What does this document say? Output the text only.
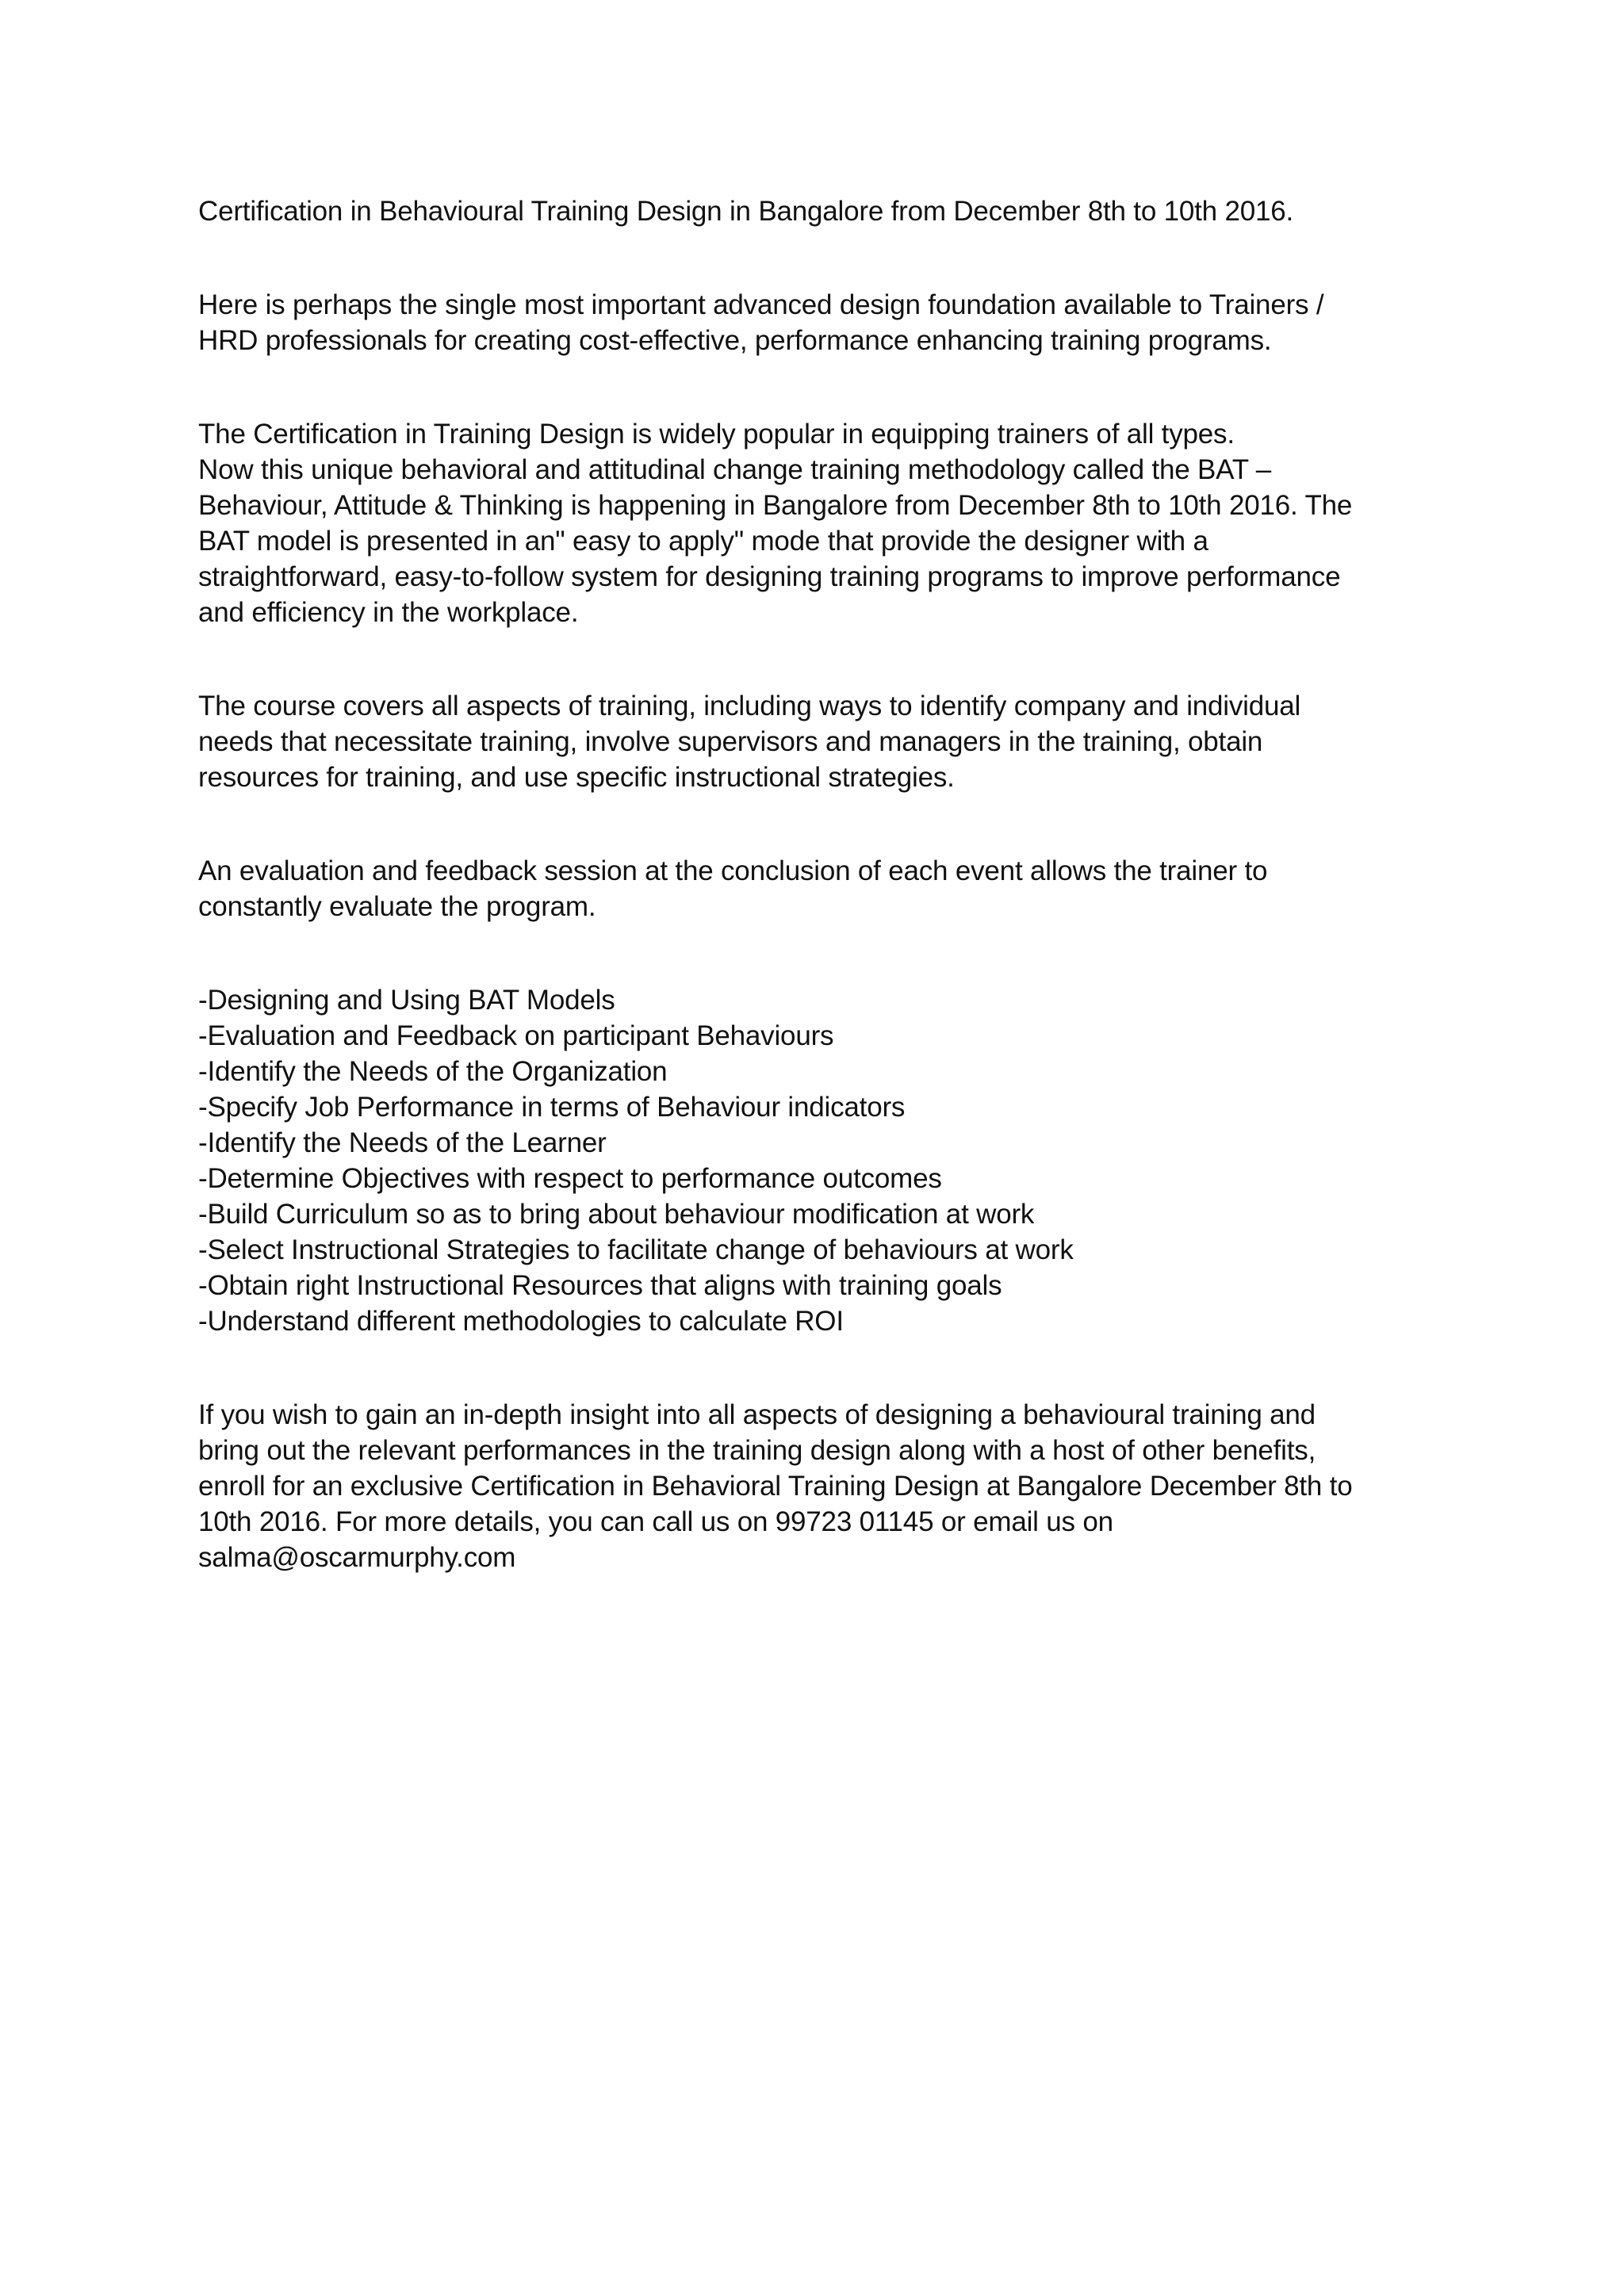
Certification in Behavioural Training Design in Bangalore from December 8th to 10th 2016.

Here is perhaps the single most important advanced design foundation available to Trainers /
HRD professionals for creating cost-effective, performance enhancing training programs.

The Certification in Training Design is widely popular in equipping trainers of all types.
Now this unique behavioral and attitudinal change training methodology called the BAT –
Behaviour, Attitude & Thinking is happening in Bangalore from December 8th to 10th 2016. The
BAT model is presented in an" easy to apply" mode that provide the designer with a
straightforward, easy-to-follow system for designing training programs to improve performance
and efficiency in the workplace.

The course covers all aspects of training, including ways to identify company and individual
needs that necessitate training, involve supervisors and managers in the training, obtain
resources for training, and use specific instructional strategies.

An evaluation and feedback session at the conclusion of each event allows the trainer to
constantly evaluate the program.

-Designing and Using BAT Models
-Evaluation and Feedback on participant Behaviours
-Identify the Needs of the Organization
-Specify Job Performance in terms of Behaviour indicators
-Identify the Needs of the Learner
-Determine Objectives with respect to performance outcomes
-Build Curriculum so as to bring about behaviour modification at work
-Select Instructional Strategies to facilitate change of behaviours at work
-Obtain right Instructional Resources that aligns with training goals
-Understand different methodologies to calculate ROI

If you wish to gain an in-depth insight into all aspects of designing a behavioural training and
bring out the relevant performances in the training design along with a host of other benefits,
enroll for an exclusive Certification in Behavioral Training Design at Bangalore December 8th to
10th 2016. For more details, you can call us on 99723 01145 or email us on
salma@oscarmurphy.com
